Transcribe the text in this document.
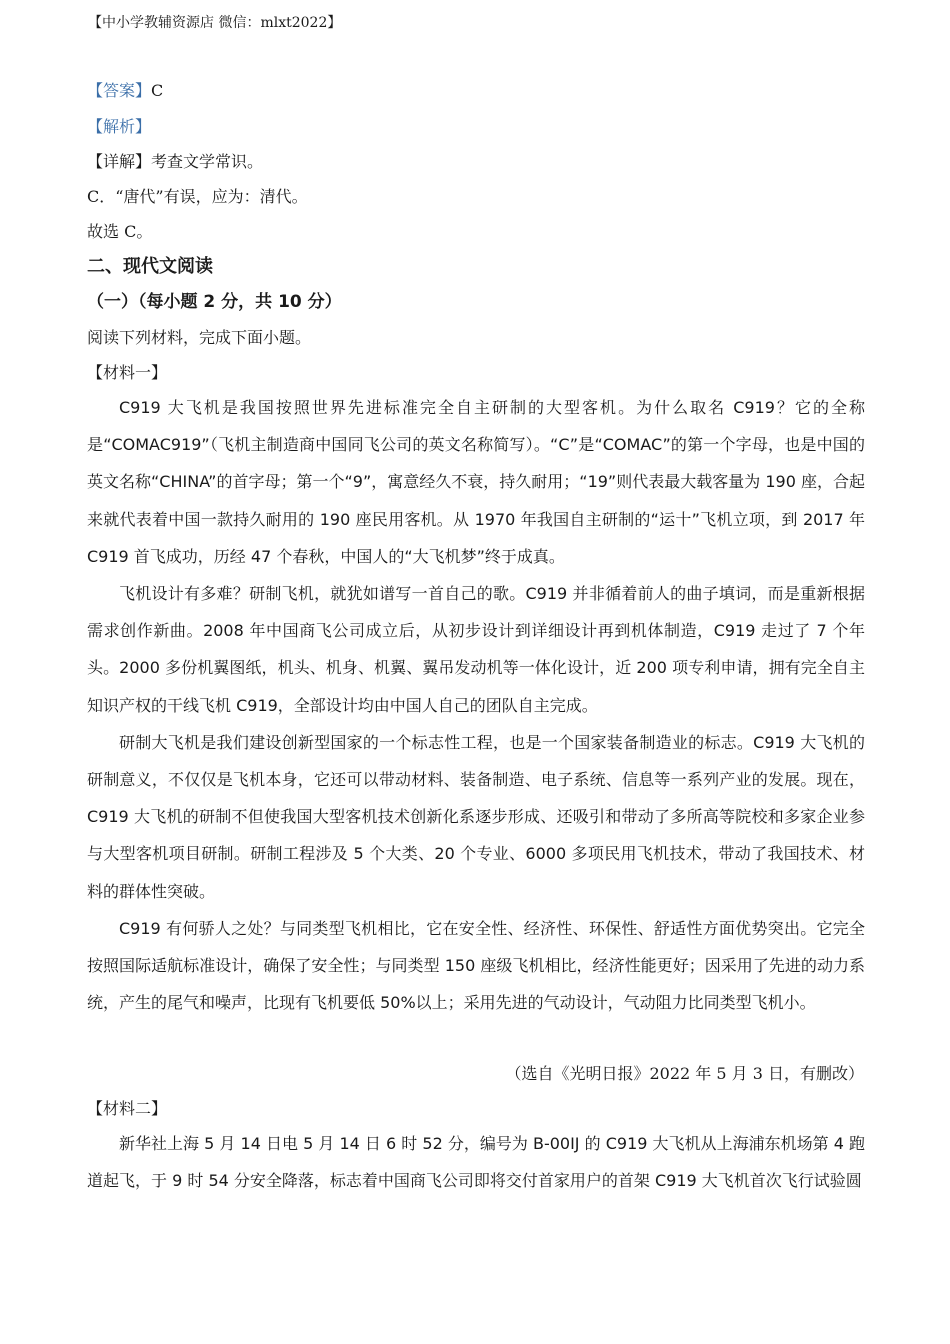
【中小学教辅资源店 微信：mlxt2022】
【答案】C
【解析】
【详解】考查文学常识。
C．“唐代”有误，应为：清代。
故选 C。
二、现代文阅读
（一）（每小题 2 分，共 10 分）
阅读下列材料，完成下面小题。
【材料一】

C919 大飞机是我国按照世界先进标准完全自主研制的大型客机。为什么取名 C919？它的全称是“COMAC919”（飞机主制造商中国同飞公司的英文名称简写）。“C”是“COMAC”的第一个字母，也是中国的英文名称“CHINA”的首字母；第一个“9”，寓意经久不衰，持久耐用；“19”则代表最大载客量为 190 座，合起来就代表着中国一款持久耐用的 190 座民用客机。从 1970 年我国自主研制的“运十”飞机立项，到 2017 年 C919 首飞成功，历经 47 个春秋，中国人的“大飞机梦”终于成真。

飞机设计有多难？研制飞机，就犹如谱写一首自己的歌。C919 并非循着前人的曲子填词，而是重新根据需求创作新曲。2008 年中国商飞公司成立后，从初步设计到详细设计再到机体制造，C919 走过了 7 个年头。2000 多份机翼图纸，机头、机身、机翼、翼吊发动机等一体化设计，近 200 项专利申请，拥有完全自主知识产权的干线飞机 C919，全部设计均由中国人自己的团队自主完成。

研制大飞机是我们建设创新型国家的一个标志性工程，也是一个国家装备制造业的标志。C919 大飞机的研制意义，不仅仅是飞机本身，它还可以带动材料、装备制造、电子系统、信息等一系列产业的发展。现在，C919 大飞机的研制不但使我国大型客机技术创新化系逐步形成、还吸引和带动了多所高等院校和多家企业参与大型客机项目研制。研制工程涉及 5 个大类、20 个专业、6000 多项民用飞机技术，带动了我国技术、材料的群体性突破。

C919 有何骄人之处？与同类型飞机相比，它在安全性、经济性、环保性、舒适性方面优势突出。它完全按照国际适航标准设计，确保了安全性；与同类型 150 座级飞机相比，经济性能更好；因采用了先进的动力系统，产生的尾气和噪声，比现有飞机要低 50%以上；采用先进的气动设计，气动阻力比同类型飞机小。

（选自《光明日报》2022 年 5 月 3 日，有删改）
【材料二】

新华社上海 5 月 14 日电 5 月 14 日 6 时 52 分，编号为 B-00IJ 的 C919 大飞机从上海浦东机场第 4 跑道起飞，于 9 时 54 分安全降落，标志着中国商飞公司即将交付首家用户的首架 C919 大飞机首次飞行试验圆
